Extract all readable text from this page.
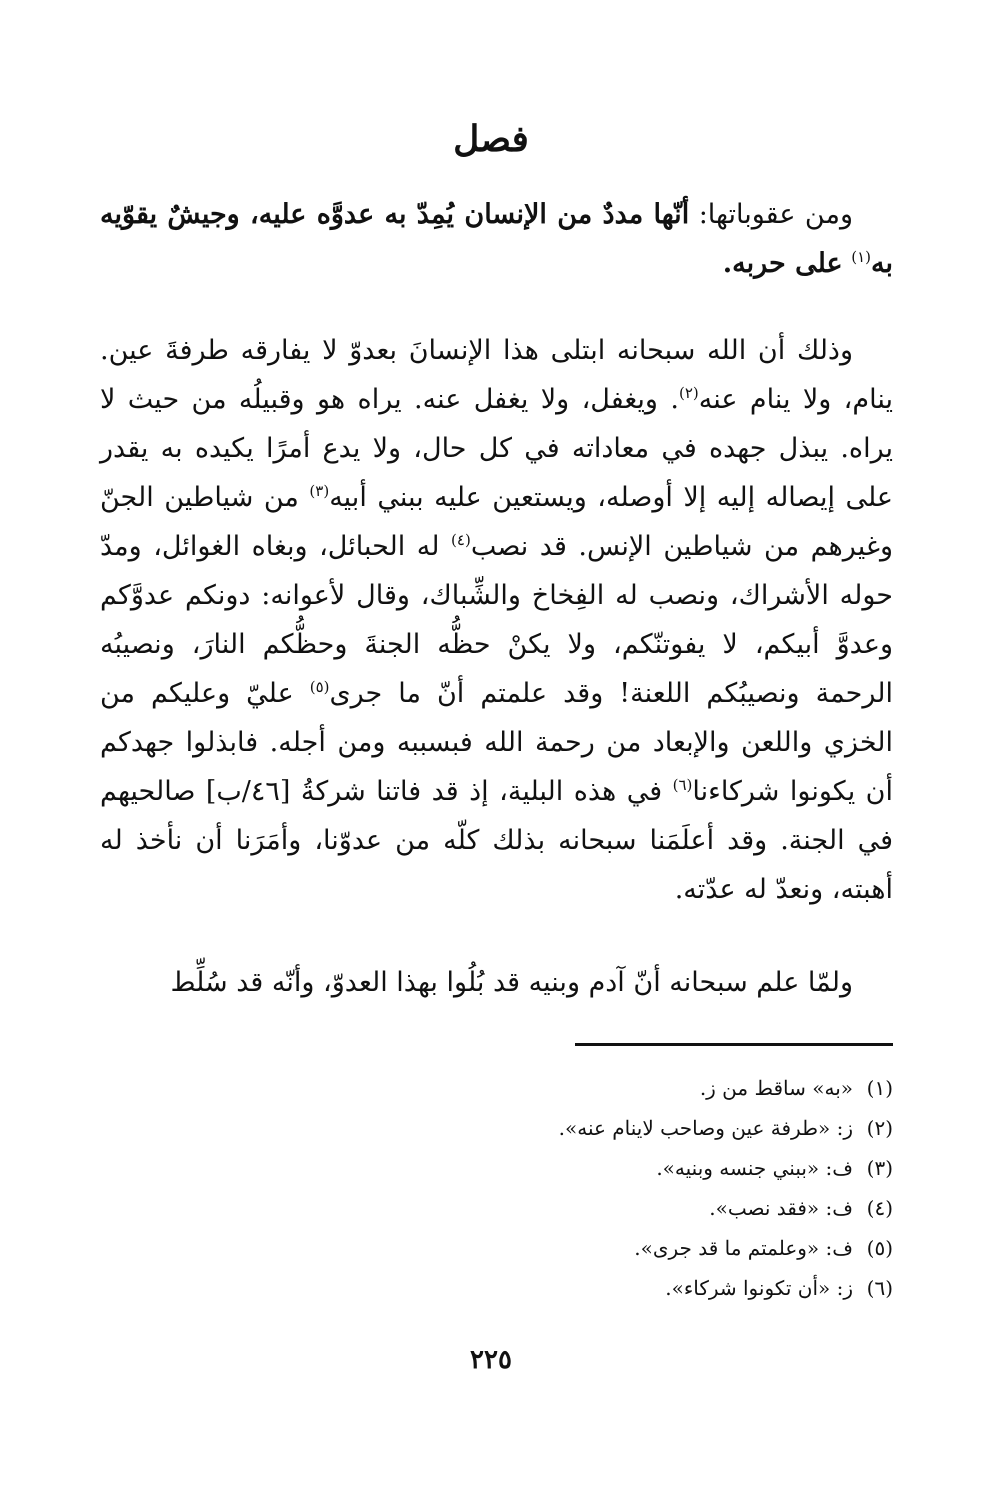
فصل

ومن عقوباتها: أنّها مددٌ من الإنسان يُمِدّ به عدوَّه عليه، وجيشٌ يقوّيه به$^{(١)}$ على حربه.

وذلك أن الله سبحانه ابتلى هذا الإنسانَ بعدوّ لا يفارقه طرفةَ عين. ينام، ولا ينام عنه$^{(٢)}$. ويغفل، ولا يغفل عنه. يراه هو وقبيلُه من حيث لا يراه. يبذل جهده في معاداته في كل حال، ولا يدع أمرًا يكيده به يقدر على إيصاله إليه إلا أوصله، ويستعين عليه ببني أبيه$^{(٣)}$ من شياطين الجنّ وغيرهم من شياطين الإنس. قد نصب$^{(٤)}$ له الحبائل، وبغاه الغوائل، ومدّ حوله الأشراك، ونصب له الفِخاخ والشِّباك، وقال لأعوانه: دونكم عدوَّكم وعدوَّ أبيكم، لا يفوتنّكم، ولا يكنْ حظُّه الجنةَ وحظُّكم النارَ، ونصيبُه الرحمة ونصيبُكم اللعنة! وقد علمتم أنّ ما جرى$^{(٥)}$ عليّ وعليكم من الخزي واللعن والإبعاد من رحمة الله فبسببه ومن أجله. فابذلوا جهدكم أن يكونوا شركاءنا$^{(٦)}$ في هذه البلية، إذ قد فاتنا شركةُ [٤٦/ب] صالحيهم في الجنة. وقد أعلَمَنا سبحانه بذلك كلّه من عدوّنا، وأمَرَنا أن نأخذ له أهبته، ونعدّ له عدّته.

ولمّا علم سبحانه أنّ آدم وبنيه قد بُلُوا بهذا العدوّ، وأنّه قد سُلِّط

(١)
«به» ساقط من ز.
(٢)
ز: «طرفة عين وصاحب لاينام عنه».
(٣)
ف: «ببني جنسه وبنيه».
(٤)
ف: «فقد نصب».
(٥)
ف: «وعلمتم ما قد جرى».
(٦)
ز: «أن تكونوا شركاء».
٢٢٥
